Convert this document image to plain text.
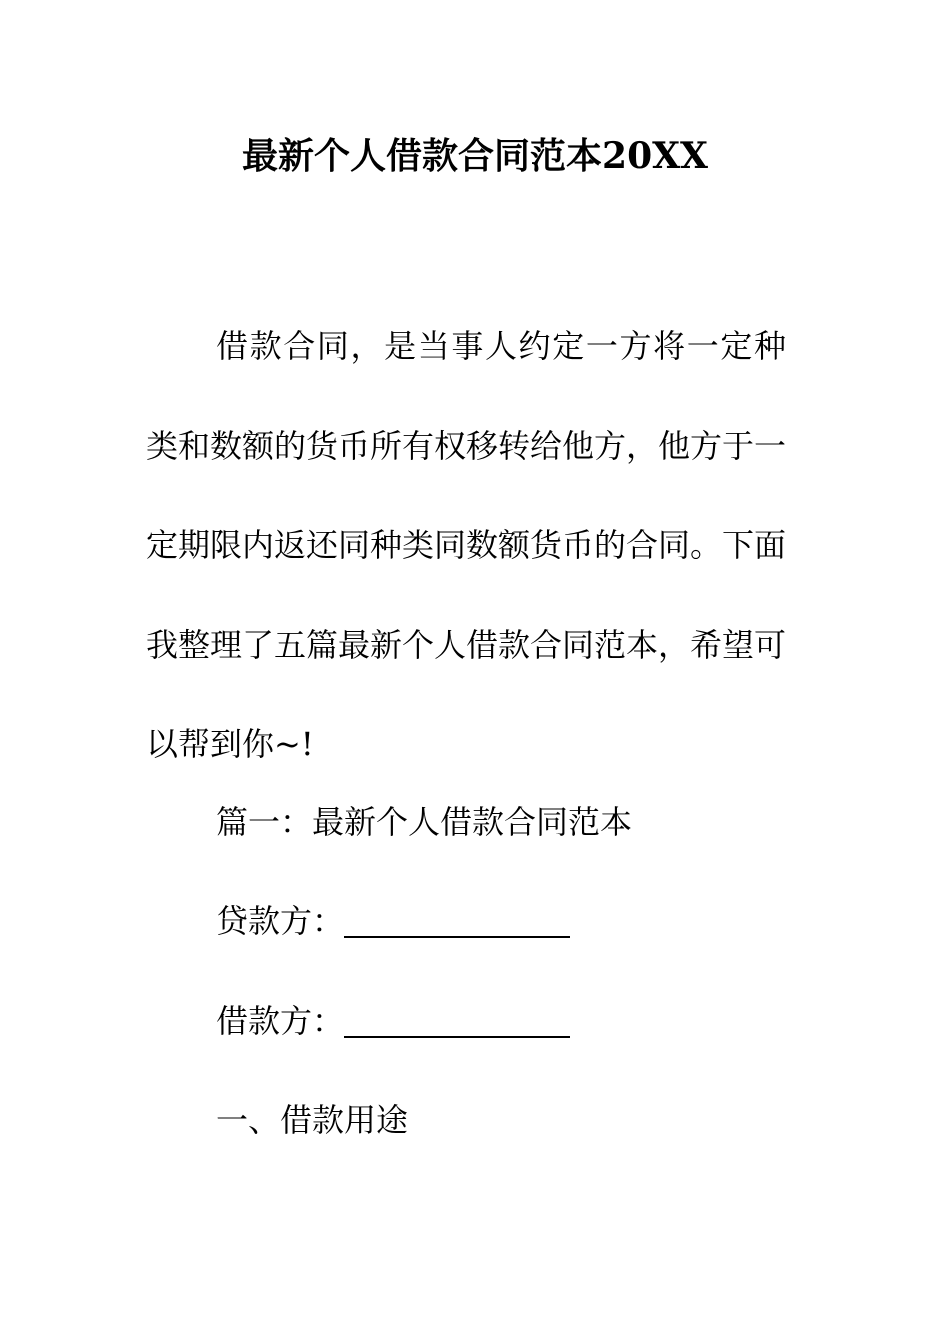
最新个人借款合同范本20XX

借款合同，是当事人约定一方将一定种类和数额的货币所有权移转给他方，他方于一定期限内返还同种类同数额货币的合同。下面我整理了五篇最新个人借款合同范本，希望可以帮到你~!

篇一：最新个人借款合同范本

贷款方：

借款方：

一、借款用途
